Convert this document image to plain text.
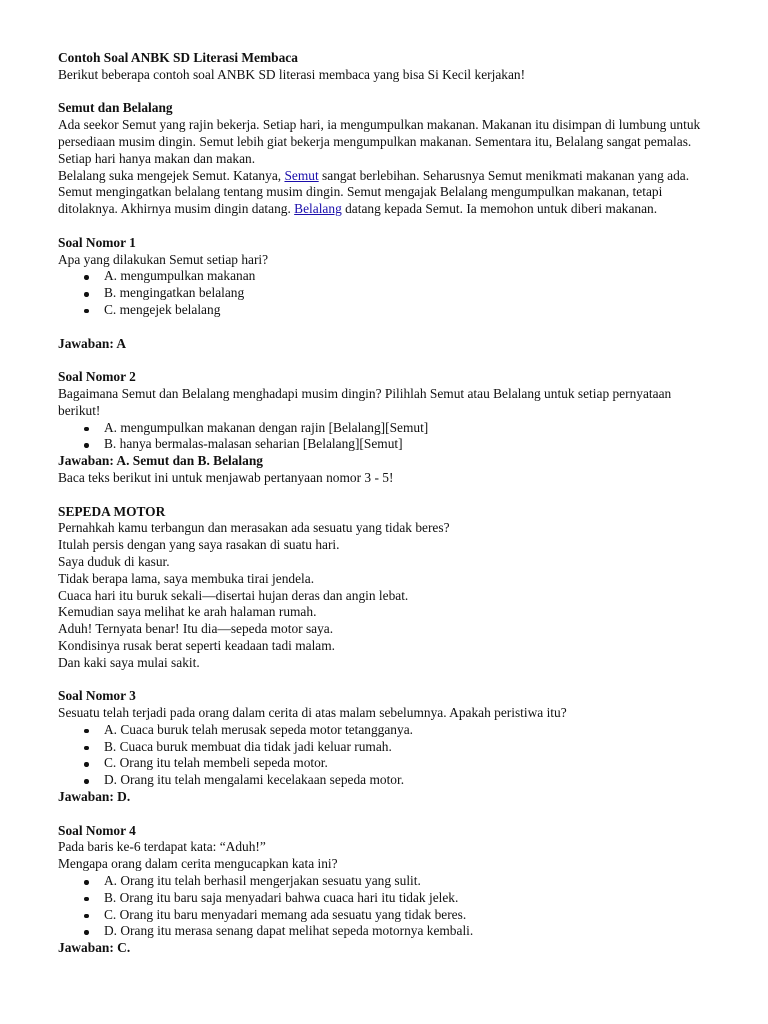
Contoh Soal ANBK SD Literasi Membaca

Berikut beberapa contoh soal ANBK SD literasi membaca yang bisa Si Kecil kerjakan!

Semut dan Belalang

Ada seekor Semut yang rajin bekerja. Setiap hari, ia mengumpulkan makanan. Makanan itu disimpan di lumbung untuk persediaan musim dingin. Semut lebih giat bekerja mengumpulkan makanan. Sementara itu, Belalang sangat pemalas. Setiap hari hanya makan dan makan.

Belalang suka mengejek Semut. Katanya, Semut sangat berlebihan. Seharusnya Semut menikmati makanan yang ada. Semut mengingatkan belalang tentang musim dingin. Semut mengajak Belalang mengumpulkan makanan, tetapi ditolaknya. Akhirnya musim dingin datang. Belalang datang kepada Semut. Ia memohon untuk diberi makanan.

Soal Nomor 1

Apa yang dilakukan Semut setiap hari?

A. mengumpulkan makanan
B. mengingatkan belalang
C. mengejek belalang

Jawaban: A

Soal Nomor 2

Bagaimana Semut dan Belalang menghadapi musim dingin? Pilihlah Semut atau Belalang untuk setiap pernyataan berikut!

A. mengumpulkan makanan dengan rajin [Belalang][Semut]
B. hanya bermalas-malasan seharian [Belalang][Semut]

Jawaban: A. Semut dan B. Belalang

Baca teks berikut ini untuk menjawab pertanyaan nomor 3 - 5!

SEPEDA MOTOR

Pernahkah kamu terbangun dan merasakan ada sesuatu yang tidak beres?

Itulah persis dengan yang saya rasakan di suatu hari.

Saya duduk di kasur.

Tidak berapa lama, saya membuka tirai jendela.

Cuaca hari itu buruk sekali—disertai hujan deras dan angin lebat.

Kemudian saya melihat ke arah halaman rumah.

Aduh! Ternyata benar! Itu dia—sepeda motor saya.

Kondisinya rusak berat seperti keadaan tadi malam.

Dan kaki saya mulai sakit.

Soal Nomor 3

Sesuatu telah terjadi pada orang dalam cerita di atas malam sebelumnya. Apakah peristiwa itu?

A. Cuaca buruk telah merusak sepeda motor tetangganya.
B. Cuaca buruk membuat dia tidak jadi keluar rumah.
C. Orang itu telah membeli sepeda motor.
D. Orang itu telah mengalami kecelakaan sepeda motor.

Jawaban: D.

Soal Nomor 4

Pada baris ke-6 terdapat kata: “Aduh!”

Mengapa orang dalam cerita mengucapkan kata ini?

A. Orang itu telah berhasil mengerjakan sesuatu yang sulit.
B. Orang itu baru saja menyadari bahwa cuaca hari itu tidak jelek.
C. Orang itu baru menyadari memang ada sesuatu yang tidak beres.
D. Orang itu merasa senang dapat melihat sepeda motornya kembali.

Jawaban: C.
